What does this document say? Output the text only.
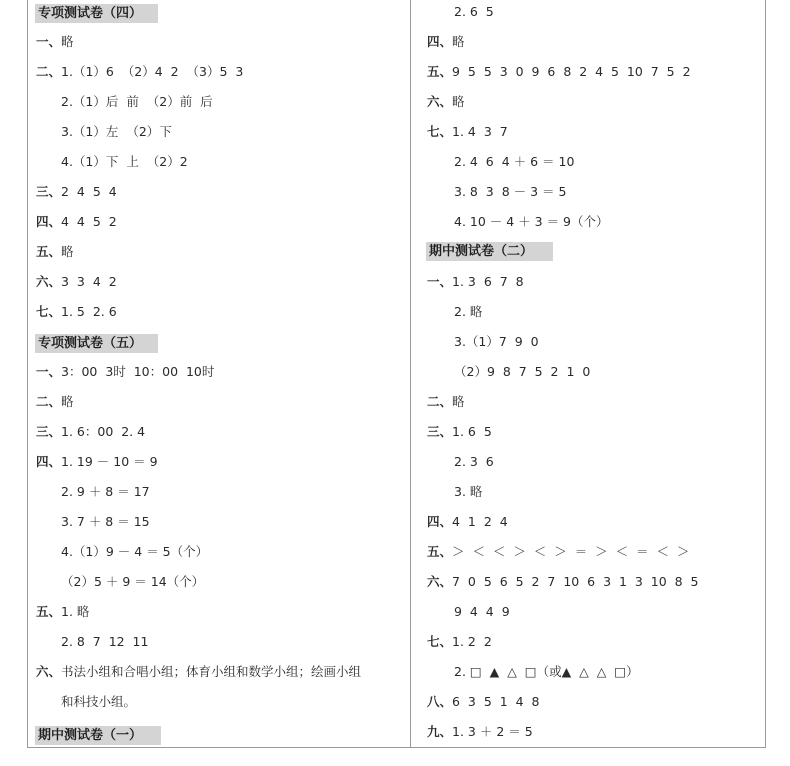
专项测试卷（四）
一、略
二、1.（1）6  （2）4  2  （3）5  3
2.（1）后  前  （2）前  后
3.（1）左  （2）下
4.（1）下  上  （2）2
三、2  4  5  4
四、4  4  5  2
五、略
六、3  3  4  2
七、1. 5  2. 6
专项测试卷（五）
一、3：00  3时  10：00  10时
二、略
三、1. 6：00  2. 4
四、1. 19 － 10 ＝ 9
2. 9 ＋ 8 ＝ 17
3. 7 ＋ 8 ＝ 15
4.（1）9 － 4 ＝ 5（个）
（2）5 ＋ 9 ＝ 14（个）
五、1. 略
2. 8  7  12  11
六、书法小组和合唱小组；体育小组和数学小组；绘画小组
和科技小组。
期中测试卷（一）
2. 6  5
四、略
五、9  5  5  3  0  9  6  8  2  4  5  10  7  5  2
六、略
七、1. 4  3  7
2. 4  6  4 ＋ 6 ＝ 10
3. 8  3  8 － 3 ＝ 5
4. 10 － 4 ＋ 3 ＝ 9（个）
期中测试卷（二）
一、1. 3  6  7  8
2. 略
3.（1）7  9  0
（2）9  8  7  5  2  1  0
二、略
三、1. 6  5
2. 3  6
3. 略
四、4  1  2  4
五、＞  ＜  ＜  ＞  ＜  ＞  ＝  ＞  ＜  ＝  ＜  ＞
六、7  0  5  6  5  2  7  10  6  3  1  3  10  8  5
9  4  4  9
七、1. 2  2
2. □  ▲  △  □（或▲  △  △  □）
八、6  3  5  1  4  8
九、1. 3 ＋ 2 ＝ 5
